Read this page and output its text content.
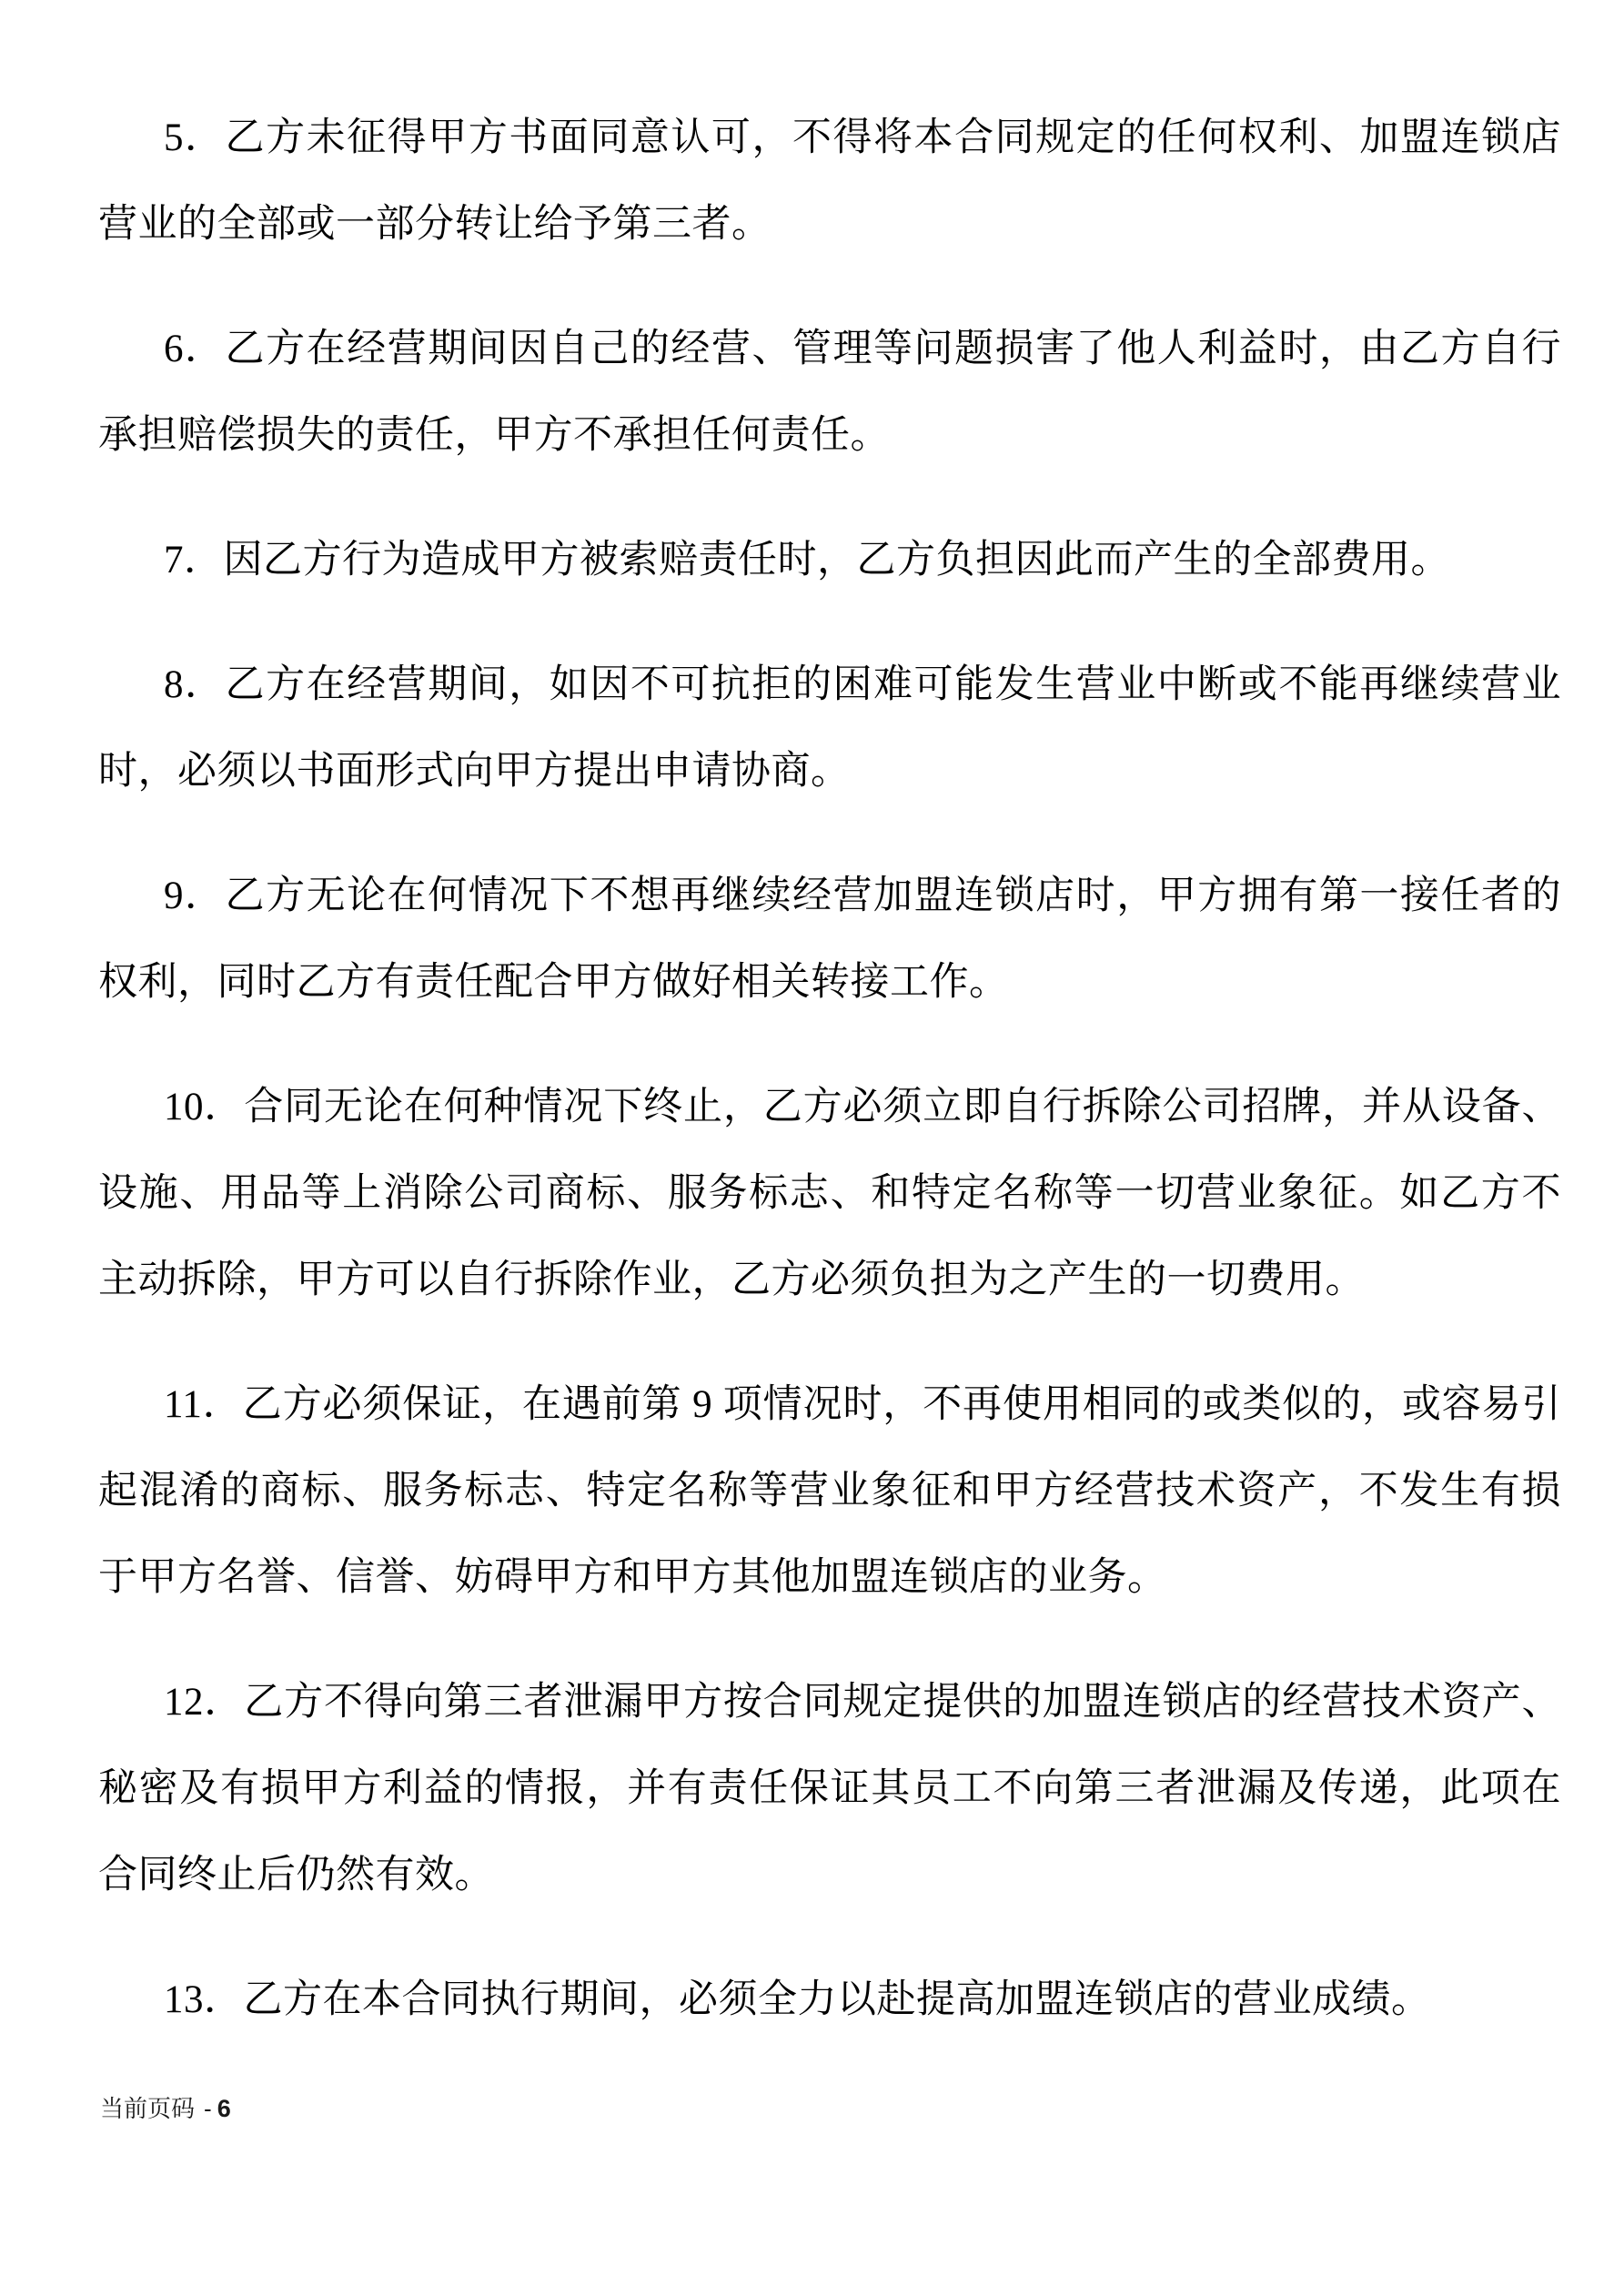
5．乙方未征得甲方书面同意认可，不得将本合同规定的任何权利、加盟连锁店营业的全部或一部分转让给予第三者。

6．乙方在经营期间因自己的经营、管理等问题损害了他人利益时，由乙方自行承担赔偿损失的责任，甲方不承担任何责任。

7．因乙方行为造成甲方被索赔责任时，乙方负担因此而产生的全部费用。

8．乙方在经营期间，如因不可抗拒的困难可能发生营业中断或不能再继续营业时，必须以书面形式向甲方提出申请协商。

9．乙方无论在何情况下不想再继续经营加盟连锁店时，甲方拥有第一接任者的权利，同时乙方有责任配合甲方做好相关转接工作。

10．合同无论在何种情况下终止，乙方必须立即自行拆除公司招牌，并从设备、设施、用品等上消除公司商标、服务标志、和特定名称等一切营业象征。如乙方不主动拆除，甲方可以自行拆除作业，乙方必须负担为之产生的一切费用。

11．乙方必须保证，在遇前第 9 项情况时，不再使用相同的或类似的，或容易引起混淆的商标、服务标志、特定名称等营业象征和甲方经营技术资产，不发生有损于甲方名誉、信誉、妨碍甲方和甲方其他加盟连锁店的业务。

12．乙方不得向第三者泄漏甲方按合同规定提供的加盟连锁店的经营技术资产、秘密及有损甲方利益的情报，并有责任保证其员工不向第三者泄漏及传递，此项在合同终止后仍然有效。

13．乙方在本合同执行期间，必须全力以赴提高加盟连锁店的营业成绩。

当前页码 - 6
